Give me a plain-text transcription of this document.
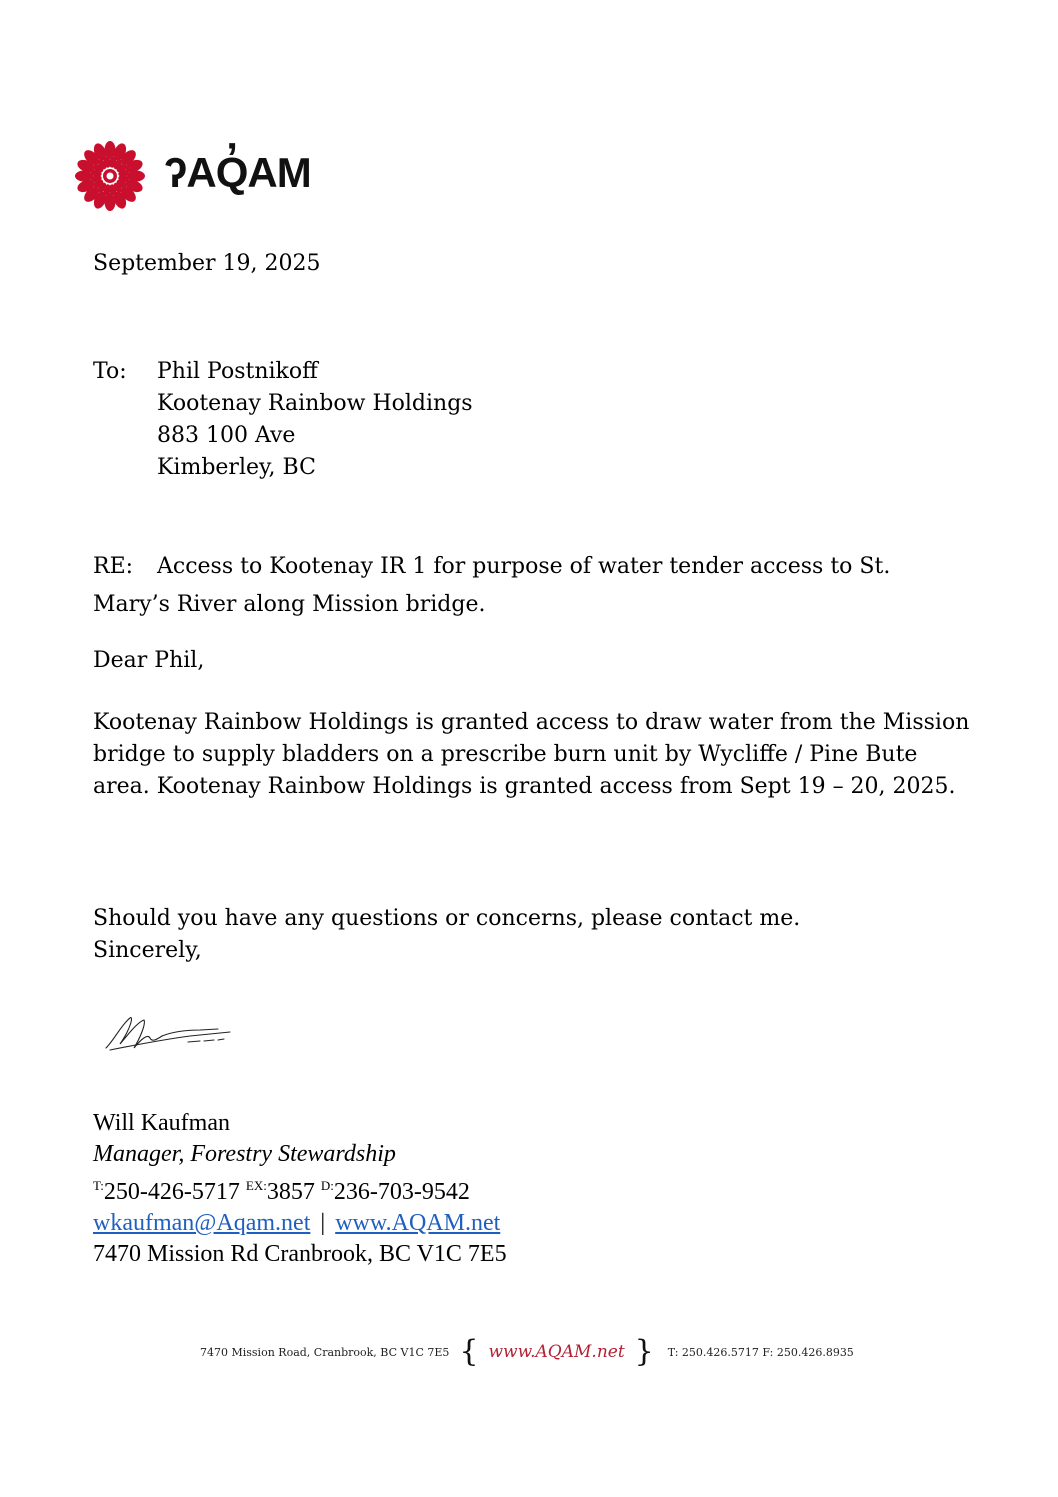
ʔAQ̓AM
September 19, 2025
To: Phil Postnikoff
Kootenay Rainbow Holdings
883 100 Ave
Kimberley, BC
RE: Access to Kootenay IR 1 for purpose of water tender access to St.
Mary’s River along Mission bridge.
Dear Phil,
Kootenay Rainbow Holdings is granted access to draw water from the Mission bridge to supply bladders on a prescribe burn unit by Wycliffe / Pine Bute area. Kootenay Rainbow Holdings is granted access from Sept 19 – 20, 2025.
Should you have any questions or concerns, please contact me.
Sincerely,
Will Kaufman
Manager, Forestry Stewardship
$^{T:}$250-426-5717 $^{EX:}$3857 $^{D:}$236-703-9542
wkaufman@Aqam.net | www.AQAM.net
7470 Mission Rd Cranbrook, BC V1C 7E5
7470 Mission Road, Cranbrook, BC V1C 7E5 { www.AQAM.net } T: 250.426.5717 F: 250.426.8935
